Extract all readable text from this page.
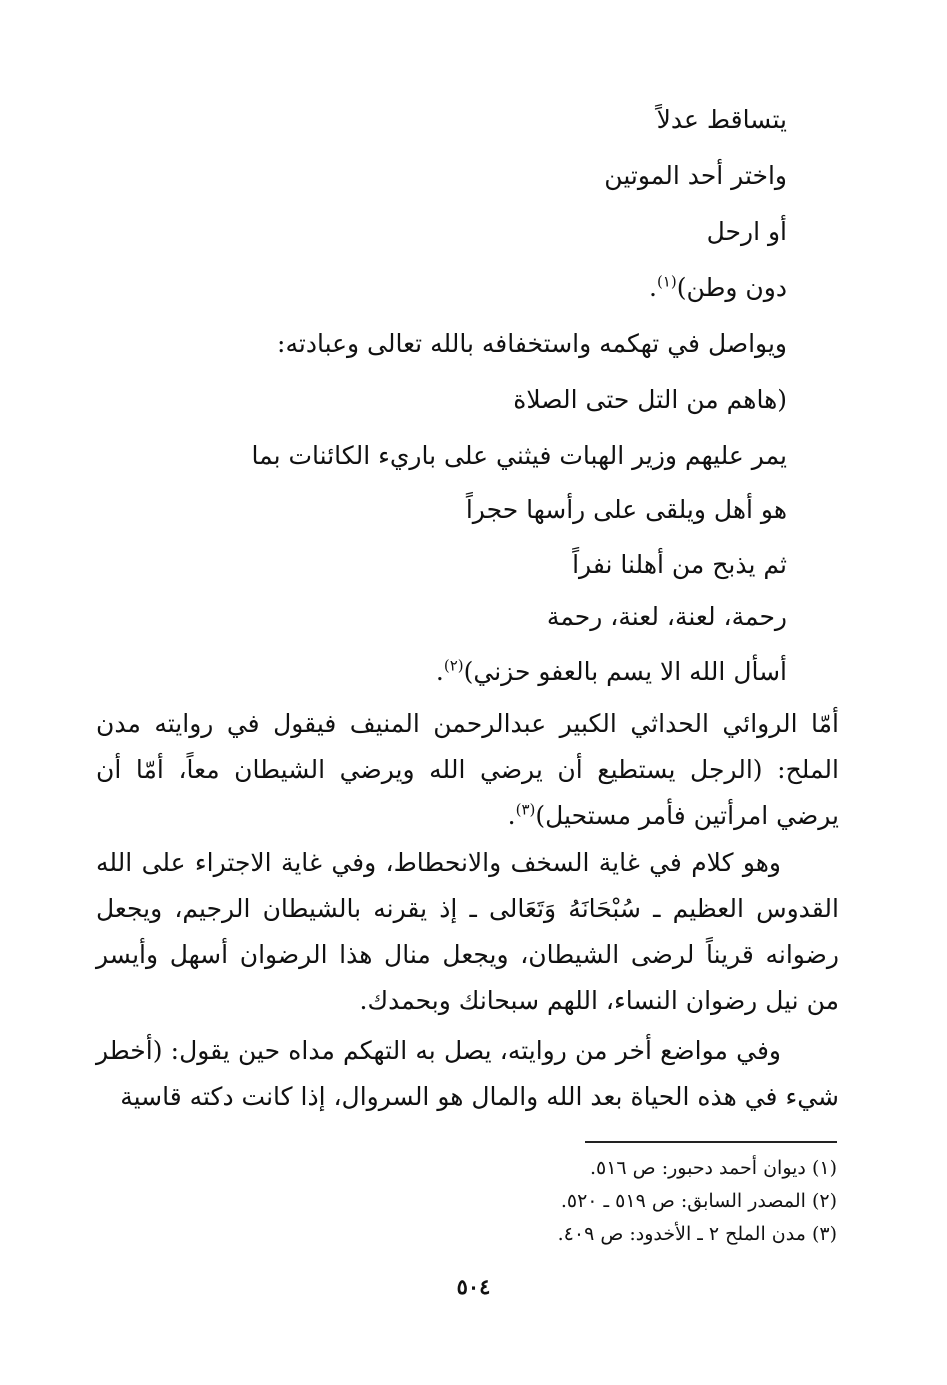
يتساقط عدلاً
واختر أحد الموتين
أو ارحل
دون وطن)$^{(١)}$.
ويواصل في تهكمه واستخفافه بالله تعالى وعبادته:
(هاهم من التل حتى الصلاة
يمر عليهم وزير الهبات فيثني على باريء الكائنات بما
هو أهل ويلقى على رأسها حجراً
ثم يذبح من أهلنا نفراً
رحمة، لعنة، لعنة، رحمة
أسأل الله الا يسم بالعفو حزني)$^{(٢)}$.
أمّا الروائي الحداثي الكبير عبدالرحمن المنيف فيقول في روايته مدن الملح: (الرجل يستطيع أن يرضي الله ويرضي الشيطان معاً، أمّا أن يرضي امرأتين فأمر مستحيل)$^{(٣)}$.
وهو كلام في غاية السخف والانحطاط، وفي غاية الاجتراء على الله القدوس العظيم ـ سُبْحَانَهُ وَتَعَالى ـ إذ يقرنه بالشيطان الرجيم، ويجعل رضوانه قريناً لرضى الشيطان، ويجعل منال هذا الرضوان أسهل وأيسر من نيل رضوان النساء، اللهم سبحانك وبحمدك.
وفي مواضع أخر من روايته، يصل به التهكم مداه حين يقول: (أخطر شيء في هذه الحياة بعد الله والمال هو السروال، إذا كانت دكته قاسية
(١) ديوان أحمد دحبور: ص ٥١٦.
(٢) المصدر السابق: ص ٥١٩ ـ ٥٢٠.
(٣) مدن الملح ٢ ـ الأخدود: ص ٤٠٩.
٥٠٤
